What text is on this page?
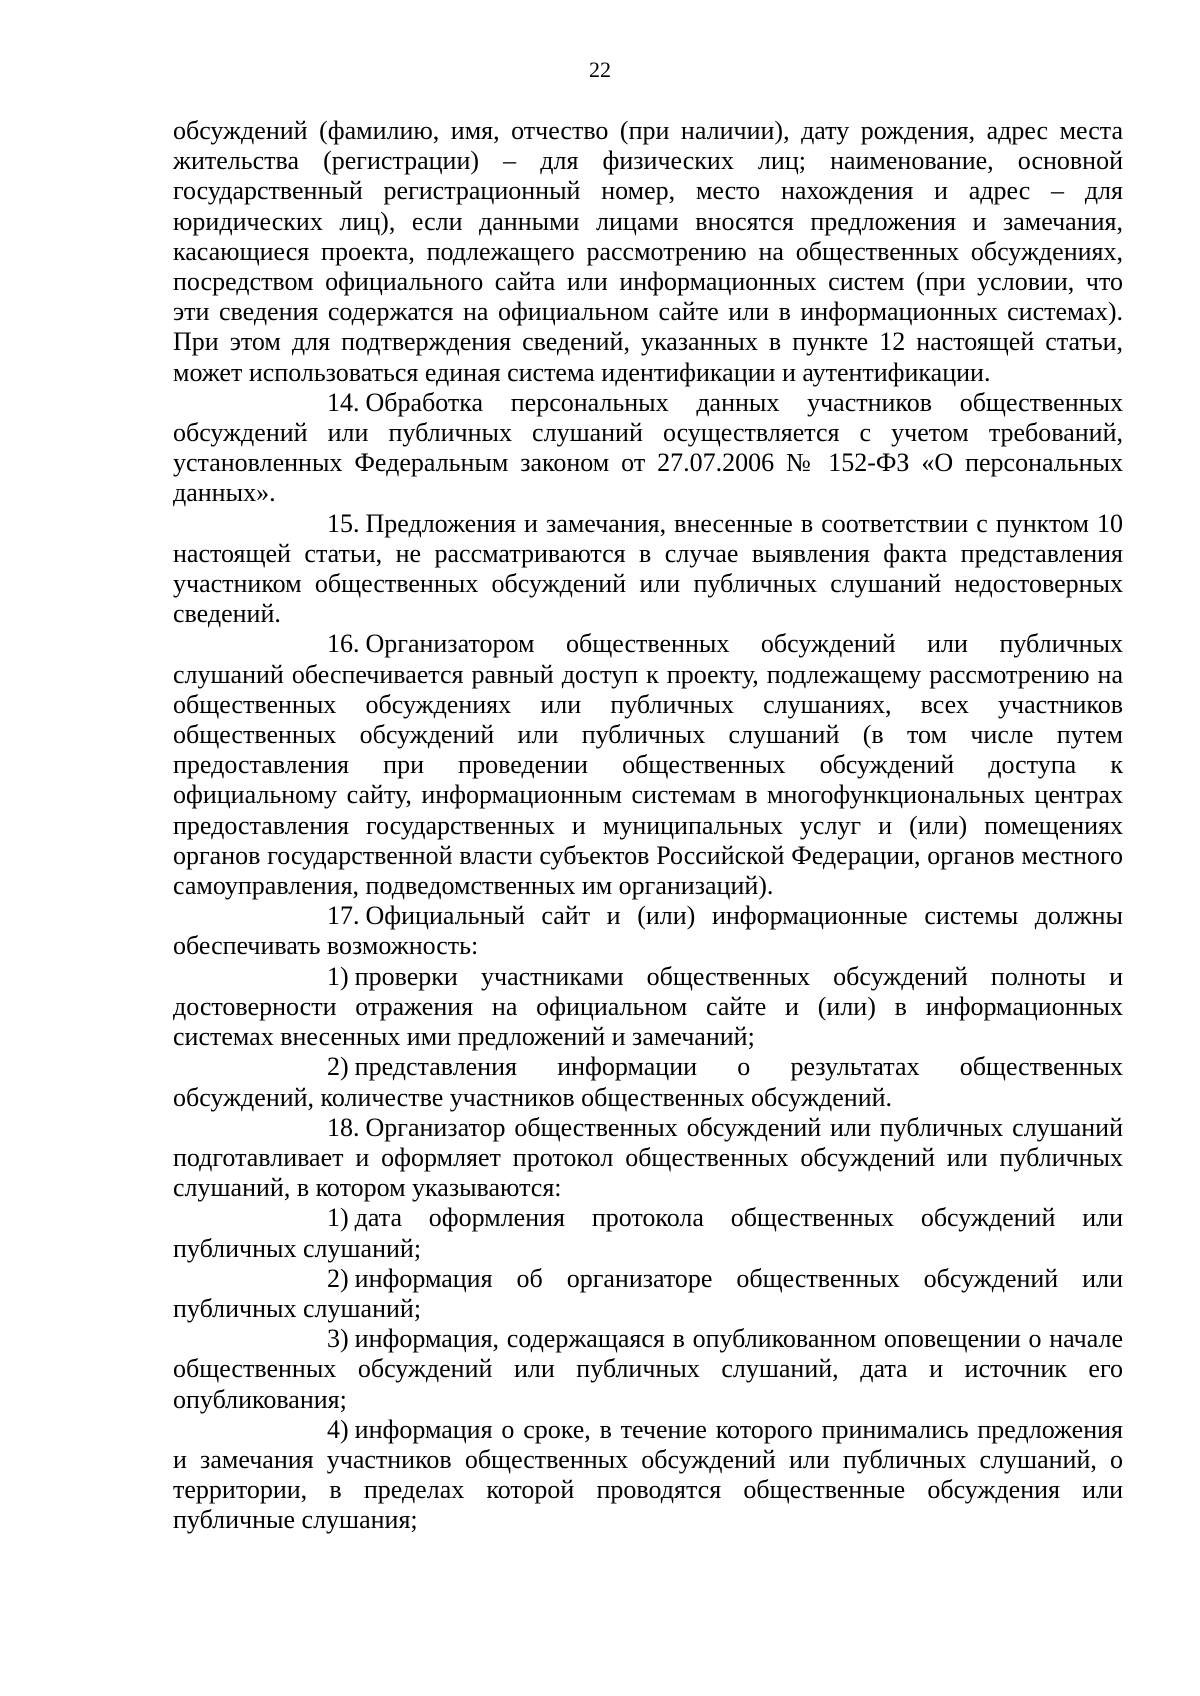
22

обсуждений (фамилию, имя, отчество (при наличии), дату рождения, адрес места жительства (регистрации) – для физических лиц; наименование, основной государственный регистрационный номер, место нахождения и адрес – для юридических лиц), если данными лицами вносятся предложения и замечания, касающиеся проекта, подлежащего рассмотрению на общественных обсуждениях, посредством официального сайта или информационных систем (при условии, что эти сведения содержатся на официальном сайте или в информационных системах). При этом для подтверждения сведений, указанных в пункте 12 настоящей статьи, может использоваться единая система идентификации и аутентификации.

14. Обработка персональных данных участников общественных обсуждений или публичных слушаний осуществляется с учетом требований, установленных Федеральным законом от 27.07.2006 № 152-ФЗ «О персональных данных».

15. Предложения и замечания, внесенные в соответствии с пунктом 10 настоящей статьи, не рассматриваются в случае выявления факта представления участником общественных обсуждений или публичных слушаний недостоверных сведений.

16. Организатором общественных обсуждений или публичных слушаний обеспечивается равный доступ к проекту, подлежащему рассмотрению на общественных обсуждениях или публичных слушаниях, всех участников общественных обсуждений или публичных слушаний (в том числе путем предоставления при проведении общественных обсуждений доступа к официальному сайту, информационным системам в многофункциональных центрах предоставления государственных и муниципальных услуг и (или) помещениях органов государственной власти субъектов Российской Федерации, органов местного самоуправления, подведомственных им организаций).

17. Официальный сайт и (или) информационные системы должны обеспечивать возможность:

1) проверки участниками общественных обсуждений полноты и достоверности отражения на официальном сайте и (или) в информационных системах внесенных ими предложений и замечаний;

2) представления информации о результатах общественных обсуждений, количестве участников общественных обсуждений.

18. Организатор общественных обсуждений или публичных слушаний подготавливает и оформляет протокол общественных обсуждений или публичных слушаний, в котором указываются:

1) дата оформления протокола общественных обсуждений или публичных слушаний;

2) информация об организаторе общественных обсуждений или публичных слушаний;

3) информация, содержащаяся в опубликованном оповещении о начале общественных обсуждений или публичных слушаний, дата и источник его опубликования;

4) информация о сроке, в течение которого принимались предложения и замечания участников общественных обсуждений или публичных слушаний, о территории, в пределах которой проводятся общественные обсуждения или публичные слушания;
